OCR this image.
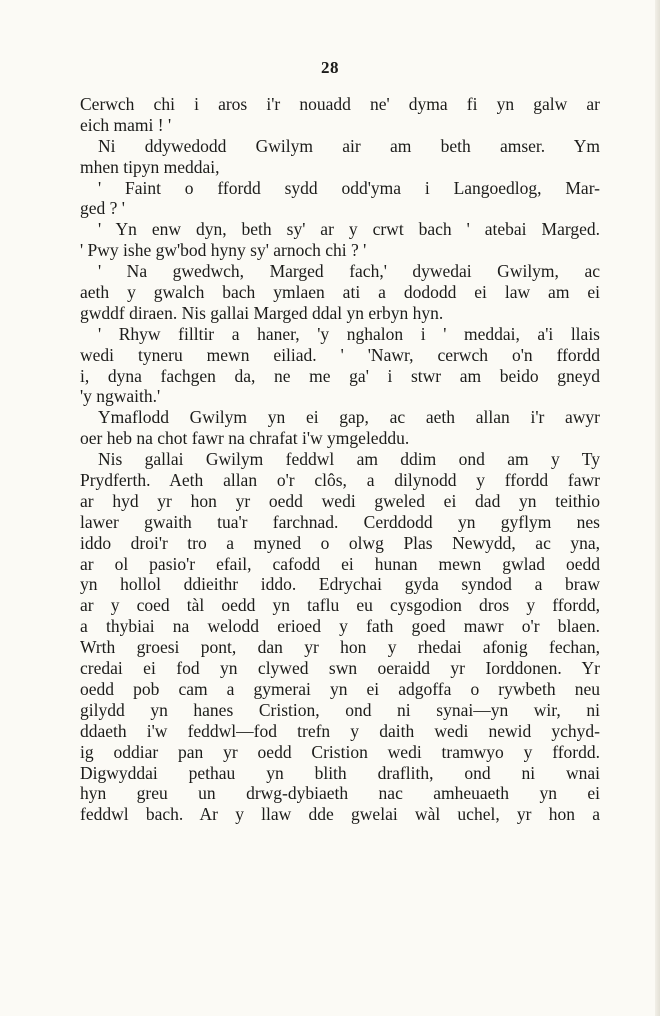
28
Cerwch chi i aros i'r nouadd ne' dyma fi yn galw ar
eich mami ! '
Ni ddywedodd Gwilym air am beth amser. Ym
mhen tipyn meddai,
' Faint o ffordd sydd odd'yma i Langoedlog, Mar-
ged ? '
' Yn enw dyn, beth sy' ar y crwt bach ' atebai Marged.
' Pwy ishe gw'bod hyny sy' arnoch chi ? '
' Na gwedwch, Marged fach,' dywedai Gwilym, ac
aeth y gwalch bach ymlaen ati a dododd ei law am ei
gwddf diraen. Nis gallai Marged ddal yn erbyn hyn.
' Rhyw filltir a haner, 'y nghalon i ' meddai, a'i llais
wedi tyneru mewn eiliad. ' 'Nawr, cerwch o'n ffordd
i, dyna fachgen da, ne me ga' i stwr am beido gneyd
'y ngwaith.'
Ymaflodd Gwilym yn ei gap, ac aeth allan i'r awyr
oer heb na chot fawr na chrafat i'w ymgeleddu.
Nis gallai Gwilym feddwl am ddim ond am y Ty
Prydferth. Aeth allan o'r clôs, a dilynodd y ffordd fawr
ar hyd yr hon yr oedd wedi gweled ei dad yn teithio
lawer gwaith tua'r farchnad. Cerddodd yn gyflym nes
iddo droi'r tro a myned o olwg Plas Newydd, ac yna,
ar ol pasio'r efail, cafodd ei hunan mewn gwlad oedd
yn hollol ddieithr iddo. Edrychai gyda syndod a braw
ar y coed tàl oedd yn taflu eu cysgodion dros y ffordd,
a thybiai na welodd erioed y fath goed mawr o'r blaen.
Wrth groesi pont, dan yr hon y rhedai afonig fechan,
credai ei fod yn clywed swn oeraidd yr Iorddonen. Yr
oedd pob cam a gymerai yn ei adgoffa o rywbeth neu
gilydd yn hanes Cristion, ond ni synai—yn wir, ni
ddaeth i'w feddwl—fod trefn y daith wedi newid ychyd-
ig oddiar pan yr oedd Cristion wedi tramwyo y ffordd.
Digwyddai pethau yn blith draflith, ond ni wnai
hyn greu un drwg-dybiaeth nac amheuaeth yn ei
feddwl bach. Ar y llaw dde gwelai wàl uchel, yr hon a
